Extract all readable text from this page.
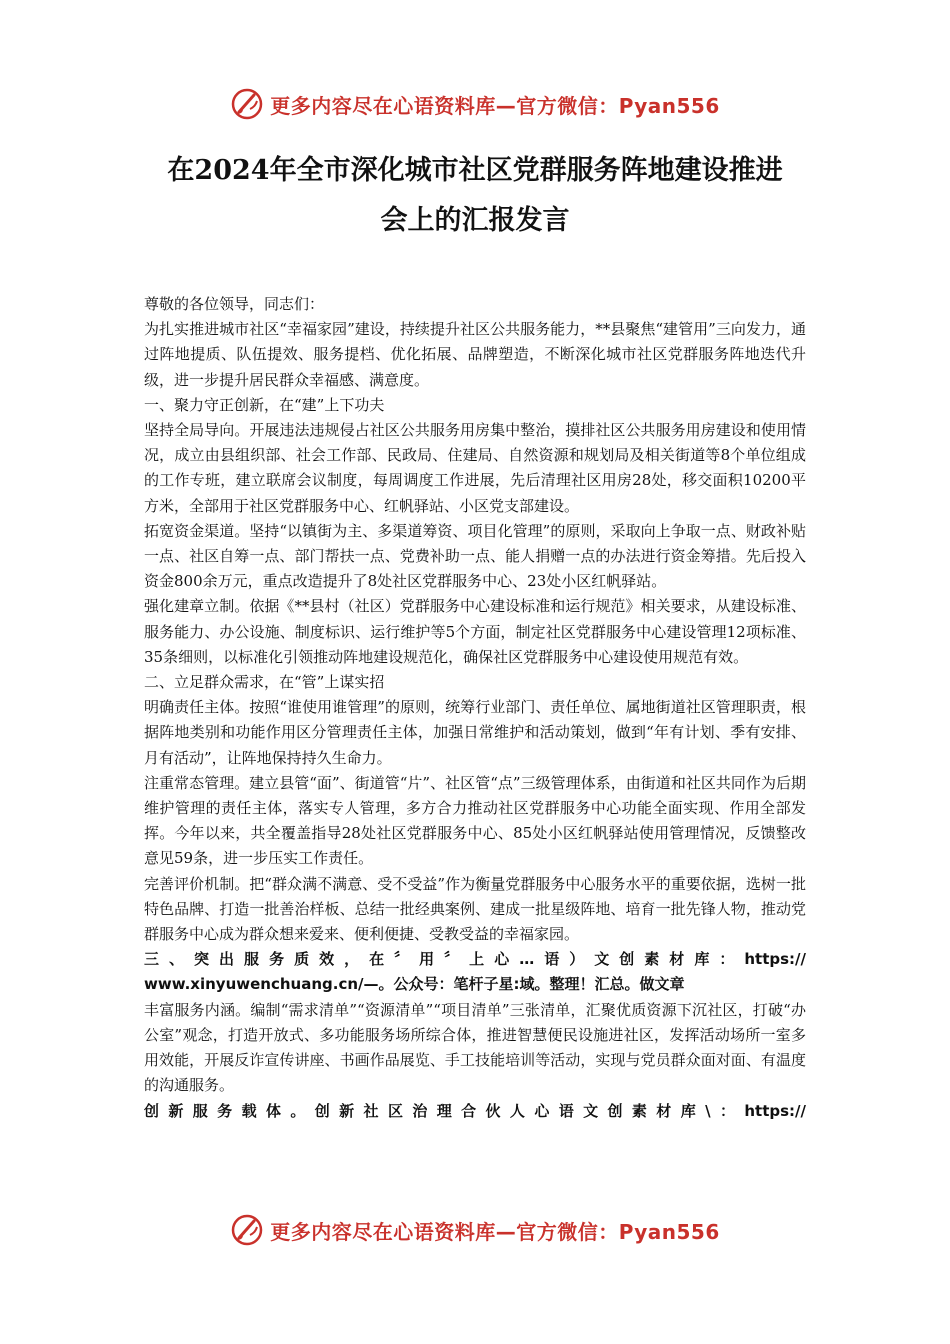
更多内容尽在心语资料库—官方微信：Pyan556
在2024年全市深化城市社区党群服务阵地建设推进
会上的汇报发言

尊敬的各位领导，同志们：

为扎实推进城市社区“幸福家园”建设，持续提升社区公共服务能力，**县聚焦“建管用”三向发力，通过阵地提质、队伍提效、服务提档、优化拓展、品牌塑造，不断深化城市社区党群服务阵地迭代升级，进一步提升居民群众幸福感、满意度。

一、聚力守正创新，在“建”上下功夫

坚持全局导向。开展违法违规侵占社区公共服务用房集中整治，摸排社区公共服务用房建设和使用情况，成立由县组织部、社会工作部、民政局、住建局、自然资源和规划局及相关街道等8个单位组成的工作专班，建立联席会议制度，每周调度工作进展，先后清理社区用房28处，移交面积10200平方米，全部用于社区党群服务中心、红帆驿站、小区党支部建设。

拓宽资金渠道。坚持“以镇街为主、多渠道筹资、项目化管理”的原则，采取向上争取一点、财政补贴一点、社区自筹一点、部门帮扶一点、党费补助一点、能人捐赠一点的办法进行资金筹措。先后投入资金800余万元，重点改造提升了8处社区党群服务中心、23处小区红帆驿站。

强化建章立制。依据《**县村（社区）党群服务中心建设标准和运行规范》相关要求，从建设标准、服务能力、办公设施、制度标识、运行维护等5个方面，制定社区党群服务中心建设管理12项标准、35条细则，以标准化引领推动阵地建设规范化，确保社区党群服务中心建设使用规范有效。

二、立足群众需求，在“管”上谋实招

明确责任主体。按照“谁使用谁管理”的原则，统筹行业部门、责任单位、属地街道社区管理职责，根据阵地类别和功能作用区分管理责任主体，加强日常维护和活动策划，做到“年有计划、季有安排、月有活动”，让阵地保持持久生命力。

注重常态管理。建立县管“面”、街道管“片”、社区管“点”三级管理体系，由街道和社区共同作为后期维护管理的责任主体，落实专人管理，多方合力推动社区党群服务中心功能全面实现、作用全部发挥。今年以来，共全覆盖指导28处社区党群服务中心、85处小区红帆驿站使用管理情况，反馈整改意见59条，进一步压实工作责任。

完善评价机制。把“群众满不满意、受不受益”作为衡量党群服务中心服务水平的重要依据，选树一批特色品牌、打造一批善治样板、总结一批经典案例、建成一批星级阵地、培育一批先锋人物，推动党群服务中心成为群众想来爱来、便利便捷、受教受益的幸福家园。

三、突出服务质效，在〞用〞上心…语）文创素材库：https://

www.xinyuwenchuang.cn/—。公众号：笔杆子星:域。整理！汇总。做文章

丰富服务内涵。编制“需求清单”“资源清单”“项目清单”三张清单，汇聚优质资源下沉社区，打破“办公室”观念，打造开放式、多功能服务场所综合体，推进智慧便民设施进社区，发挥活动场所一室多用效能，开展反诈宣传讲座、书画作品展览、手工技能培训等活动，实现与党员群众面对面、有温度的沟通服务。

创新服务载体。创新社区治理合伙人心语文创素材库\：https://

更多内容尽在心语资料库—官方微信：Pyan556
